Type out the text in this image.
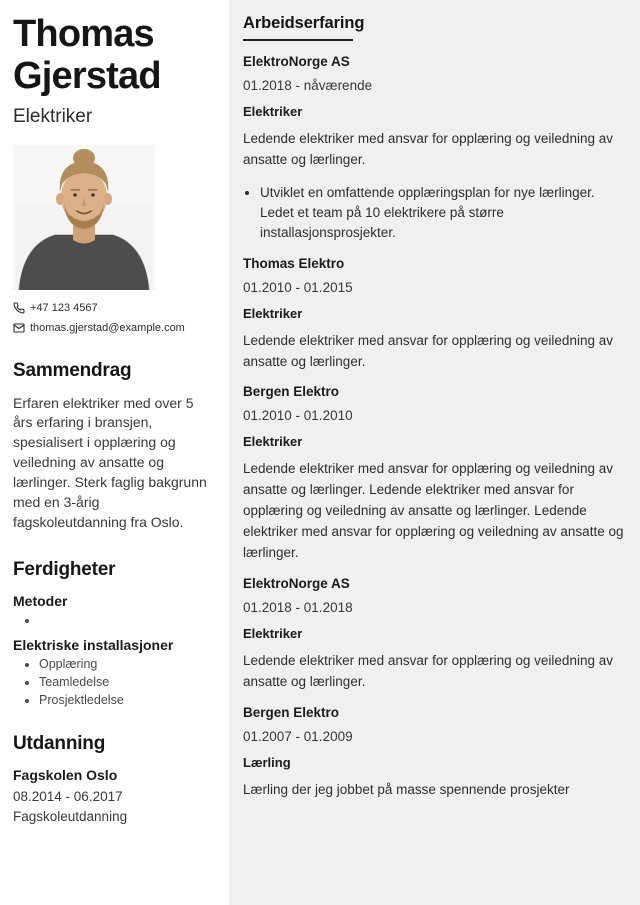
Thomas Gjerstad
Elektriker
+47 123 4567
thomas.gjerstad@example.com
Sammendrag

Erfaren elektriker med over 5 års erfaring i bransjen, spesialisert i opplæring og veiledning av ansatte og lærlinger. Sterk faglig bakgrunn med en 3-årig fagskoleutdanning fra Oslo.

Ferdigheter
Metoder
•
Elektriske installasjoner
• Opplæring
• Teamledelse
• Prosjektledelse
Utdanning
Fagskolen Oslo
08.2014 - 06.2017
Fagskoleutdanning
Arbeidserfaring
ElektroNorge AS
01.2018 - nåværende
Elektriker

Ledende elektriker med ansvar for opplæring og veiledning av ansatte og lærlinger.

• Utviklet en omfattende opplæringsplan for nye lærlinger. Ledet et team på 10 elektrikere på større installasjonsprosjekter.
Thomas Elektro
01.2010 - 01.2015
Elektriker

Ledende elektriker med ansvar for opplæring og veiledning av ansatte og lærlinger.

Bergen Elektro
01.2010 - 01.2010
Elektriker

Ledende elektriker med ansvar for opplæring og veiledning av ansatte og lærlinger. Ledende elektriker med ansvar for opplæring og veiledning av ansatte og lærlinger. Ledende elektriker med ansvar for opplæring og veiledning av ansatte og lærlinger.

ElektroNorge AS
01.2018 - 01.2018
Elektriker

Ledende elektriker med ansvar for opplæring og veiledning av ansatte og lærlinger.

Bergen Elektro
01.2007 - 01.2009
Lærling

Lærling der jeg jobbet på masse spennende prosjekter
